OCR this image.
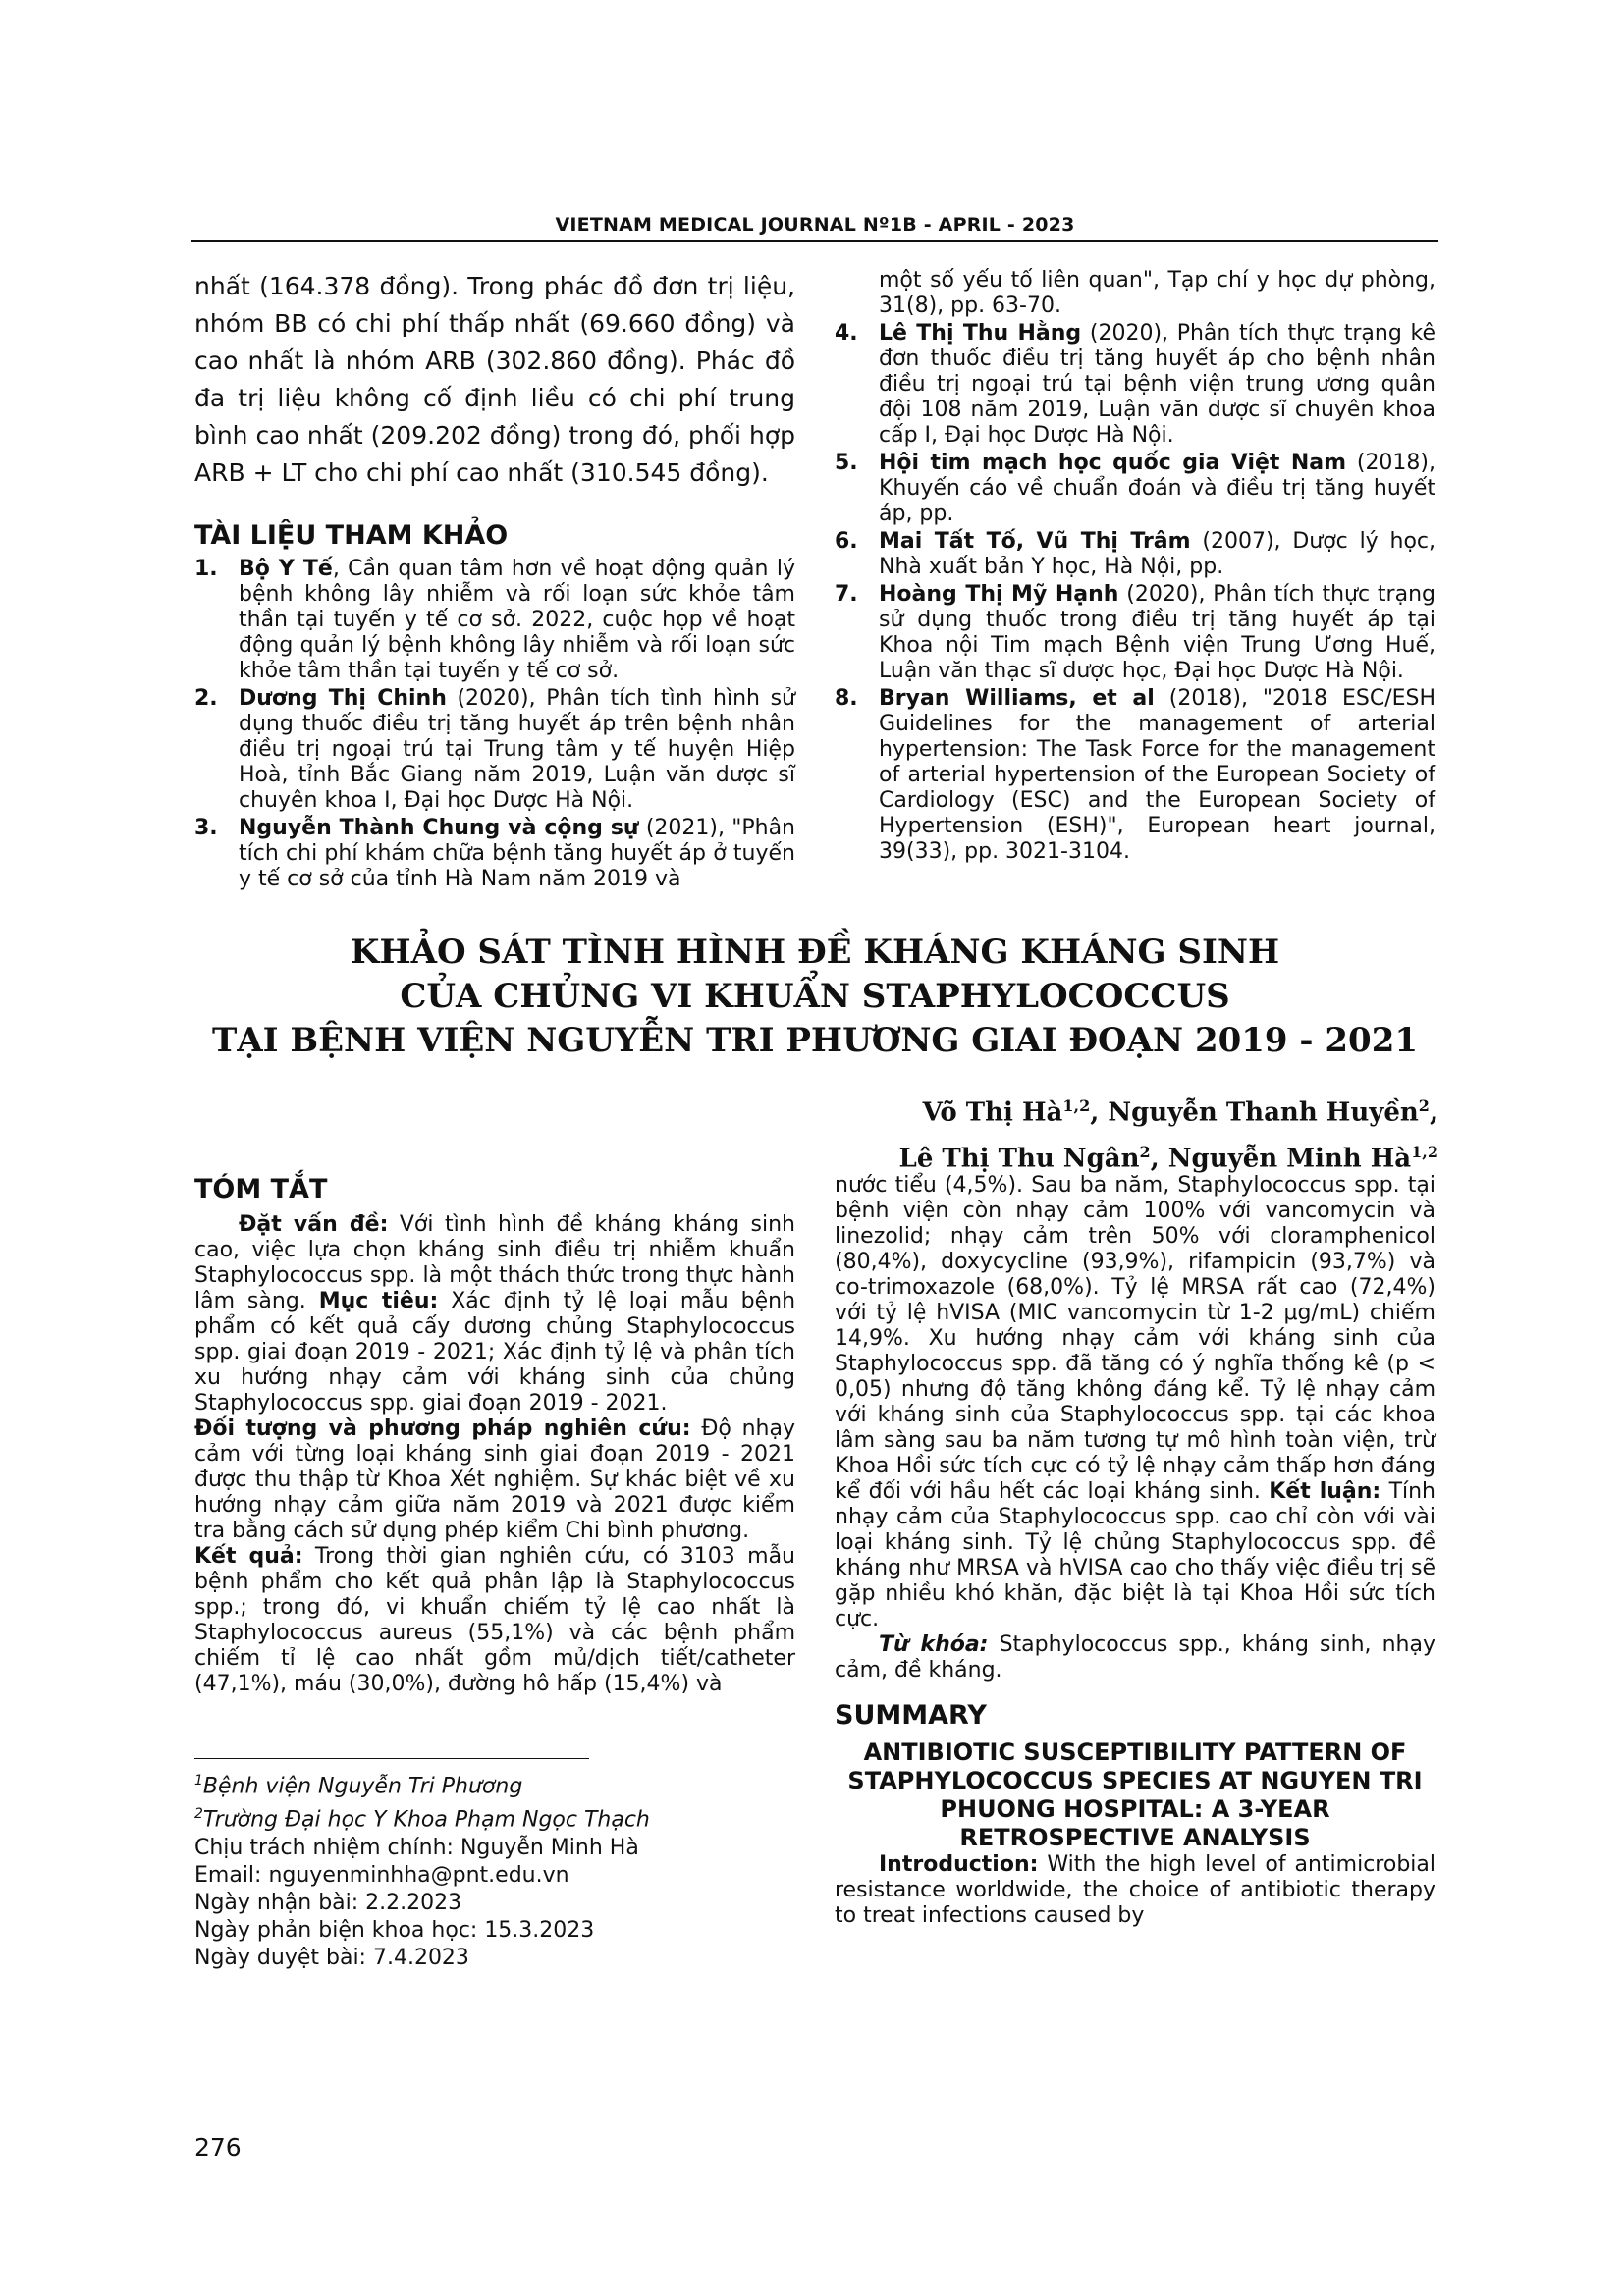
VIETNAM MEDICAL JOURNAL Nº1B - APRIL - 2023

nhất (164.378 đồng). Trong phác đồ đơn trị liệu, nhóm BB có chi phí thấp nhất (69.660 đồng) và cao nhất là nhóm ARB (302.860 đồng). Phác đồ đa trị liệu không cố định liều có chi phí trung bình cao nhất (209.202 đồng) trong đó, phối hợp ARB + LT cho chi phí cao nhất (310.545 đồng).

TÀI LIỆU THAM KHẢO
1. Bộ Y Tế, Cần quan tâm hơn về hoạt động quản lý bệnh không lây nhiễm và rối loạn sức khỏe tâm thần tại tuyến y tế cơ sở. 2022, cuộc họp về hoạt động quản lý bệnh không lây nhiễm và rối loạn sức khỏe tâm thần tại tuyến y tế cơ sở.
2. Dương Thị Chinh (2020), Phân tích tình hình sử dụng thuốc điều trị tăng huyết áp trên bệnh nhân điều trị ngoại trú tại Trung tâm y tế huyện Hiệp Hoà, tỉnh Bắc Giang năm 2019, Luận văn dược sĩ chuyên khoa I, Đại học Dược Hà Nội.
3. Nguyễn Thành Chung và cộng sự (2021), "Phân tích chi phí khám chữa bệnh tăng huyết áp ở tuyến y tế cơ sở của tỉnh Hà Nam năm 2019 và
một số yếu tố liên quan", Tạp chí y học dự phòng, 31(8), pp. 63-70.
4. Lê Thị Thu Hằng (2020), Phân tích thực trạng kê đơn thuốc điều trị tăng huyết áp cho bệnh nhân điều trị ngoại trú tại bệnh viện trung ương quân đội 108 năm 2019, Luận văn dược sĩ chuyên khoa cấp I, Đại học Dược Hà Nội.
5. Hội tim mạch học quốc gia Việt Nam (2018), Khuyến cáo về chuẩn đoán và điều trị tăng huyết áp, pp.
6. Mai Tất Tố, Vũ Thị Trâm (2007), Dược lý học, Nhà xuất bản Y học, Hà Nội, pp.
7. Hoàng Thị Mỹ Hạnh (2020), Phân tích thực trạng sử dụng thuốc trong điều trị tăng huyết áp tại Khoa nội Tim mạch Bệnh viện Trung Ương Huế, Luận văn thạc sĩ dược học, Đại học Dược Hà Nội.
8. Bryan Williams, et al (2018), "2018 ESC/ESH Guidelines for the management of arterial hypertension: The Task Force for the management of arterial hypertension of the European Society of Cardiology (ESC) and the European Society of Hypertension (ESH)", European heart journal, 39(33), pp. 3021-3104.
KHẢO SÁT TÌNH HÌNH ĐỀ KHÁNG KHÁNG SINH
CỦA CHỦNG VI KHUẨN STAPHYLOCOCCUS
TẠI BỆNH VIỆN NGUYỄN TRI PHƯƠNG GIAI ĐOẠN 2019 - 2021
Võ Thị Hà$^{1,2}$, Nguyễn Thanh Huyền$^2$,
Lê Thị Thu Ngân$^2$, Nguyễn Minh Hà$^{1,2}$
TÓM TẮT

Đặt vấn đề: Với tình hình đề kháng kháng sinh cao, việc lựa chọn kháng sinh điều trị nhiễm khuẩn Staphylococcus spp. là một thách thức trong thực hành lâm sàng. Mục tiêu: Xác định tỷ lệ loại mẫu bệnh phẩm có kết quả cấy dương chủng Staphylococcus spp. giai đoạn 2019 - 2021; Xác định tỷ lệ và phân tích xu hướng nhạy cảm với kháng sinh của chủng Staphylococcus spp. giai đoạn 2019 - 2021.

Đối tượng và phương pháp nghiên cứu: Độ nhạy cảm với từng loại kháng sinh giai đoạn 2019 - 2021 được thu thập từ Khoa Xét nghiệm. Sự khác biệt về xu hướng nhạy cảm giữa năm 2019 và 2021 được kiểm tra bằng cách sử dụng phép kiểm Chi bình phương.

Kết quả: Trong thời gian nghiên cứu, có 3103 mẫu bệnh phẩm cho kết quả phân lập là Staphylococcus spp.; trong đó, vi khuẩn chiếm tỷ lệ cao nhất là Staphylococcus aureus (55,1%) và các bệnh phẩm chiếm tỉ lệ cao nhất gồm mủ/dịch tiết/catheter (47,1%), máu (30,0%), đường hô hấp (15,4%) và

$^1$Bệnh viện Nguyễn Tri Phương
$^2$Trường Đại học Y Khoa Phạm Ngọc Thạch
Chịu trách nhiệm chính: Nguyễn Minh Hà
Email: nguyenminhha@pnt.edu.vn
Ngày nhận bài: 2.2.2023
Ngày phản biện khoa học: 15.3.2023
Ngày duyệt bài: 7.4.2023
276

nước tiểu (4,5%). Sau ba năm, Staphylococcus spp. tại bệnh viện còn nhạy cảm 100% với vancomycin và linezolid; nhạy cảm trên 50% với cloramphenicol (80,4%), doxycycline (93,9%), rifampicin (93,7%) và co-trimoxazole (68,0%). Tỷ lệ MRSA rất cao (72,4%) với tỷ lệ hVISA (MIC vancomycin từ 1-2 μg/mL) chiếm 14,9%. Xu hướng nhạy cảm với kháng sinh của Staphylococcus spp. đã tăng có ý nghĩa thống kê (p < 0,05) nhưng độ tăng không đáng kể. Tỷ lệ nhạy cảm với kháng sinh của Staphylococcus spp. tại các khoa lâm sàng sau ba năm tương tự mô hình toàn viện, trừ Khoa Hồi sức tích cực có tỷ lệ nhạy cảm thấp hơn đáng kể đối với hầu hết các loại kháng sinh. Kết luận: Tính nhạy cảm của Staphylococcus spp. cao chỉ còn với vài loại kháng sinh. Tỷ lệ chủng Staphylococcus spp. đề kháng như MRSA và hVISA cao cho thấy việc điều trị sẽ gặp nhiều khó khăn, đặc biệt là tại Khoa Hồi sức tích cực.

Từ khóa: Staphylococcus spp., kháng sinh, nhạy cảm, đề kháng.

SUMMARY
ANTIBIOTIC SUSCEPTIBILITY PATTERN OF STAPHYLOCOCCUS SPECIES AT NGUYEN TRI PHUONG HOSPITAL: A 3-YEAR RETROSPECTIVE ANALYSIS

Introduction: With the high level of antimicrobial resistance worldwide, the choice of antibiotic therapy to treat infections caused by
